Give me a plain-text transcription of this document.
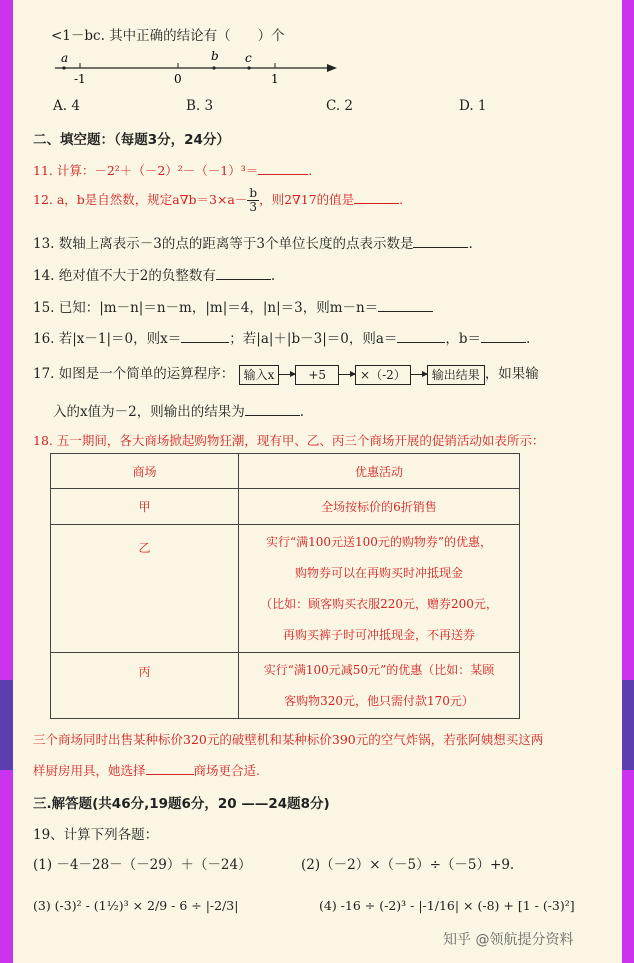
<1－bc. 其中正确的结论有（　　）个
a	b c
-1	0	1
A. 4	B. 3	C. 2	D. 1
二、填空题：（每题3分，24分）
11. 计算：－2²＋（－2）²－（－1）³＝	.
12. a，b是自然数，规定$a\nabla b=3\times a- \frac{b}{3}$ ，则2∇17的值是	.
13. 数轴上离表示－3的点的距离等于3个单位长度的点表示数是	.
14. 绝对值不大于2的负整数有	.
15. 已知：|m－n|＝n－m，|m|＝4，|n|＝3，则m－n＝
16. 若|x－1|＝0，则x＝	；若|a|＋|b－3|＝0，则a＝	，b＝	.
17. 如图是一个简单的运算程序： 输入x	+5	×（-2） 输出结果 ，如果输
入的x值为－2，则输出的结果为	.
18. 五一期间，各大商场掀起购物狂潮，现有甲、乙、丙三个商场开展的促销活动如表所示：
商场	优惠活动
甲	全场按标价的6折销售
乙	实行“满100元送100元的购物券”的优惠，
购物券可以在再购买时冲抵现金
（比如：顾客购买衣服220元，赠券200元，
再购买裤子时可冲抵现金，不再送券

丙	实行“满100元减50元”的优惠（比如：某顾
客购物320元，他只需付款170元）
三个商场同时出售某种标价320元的破壁机和某种标价390元的空气炸锅，若张阿姨想买这两
样厨房用具，她选择	商场更合适.
三.解答题(共46分,19题6分，20 ——24题8分)
19、计算下列各题：
(1) －4－28－（－29）＋（－24）	(2)（－2）×（－5）÷（－5）+9.
(3) (-3)² - (1½)³ × 2/9 - 6 ÷ |-2/3|	(4) -16 ÷ (-2)³ - |-1/16| × (-8) + [1 - (-3)²]
知乎 @领航提分资料
